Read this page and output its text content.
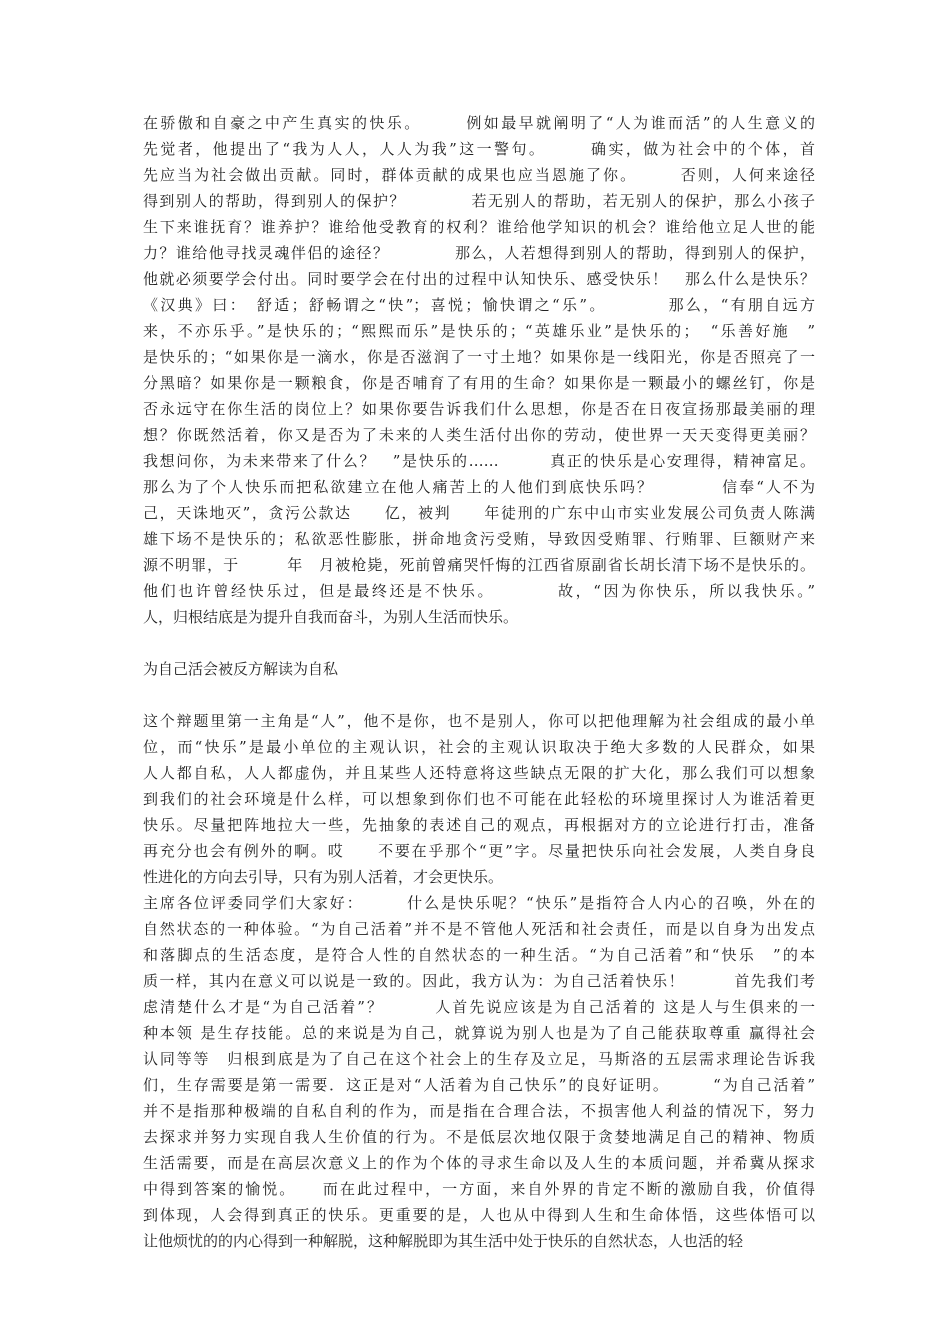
在骄傲和自豪之中产生真实的快乐。　　　例如最早就阐明了“人为谁而活”的人生意义的
先觉者，他提出了“我为人人，人人为我”这一警句。　　　确实，做为社会中的个体，首
先应当为社会做出贡献。同时，群体贡献的成果也应当恩施了你。　　　否则，人何来途径
得到别人的帮助，得到别人的保护？　　　　若无别人的帮助，若无别人的保护，那么小孩子
生下来谁抚育？谁养护？谁给他受教育的权利？谁给他学知识的机会？谁给他立足人世的能
力？谁给他寻找灵魂伴侣的途径？　　　　那么，人若想得到别人的帮助，得到别人的保护，
他就必须要学会付出。同时要学会在付出的过程中认知快乐、感受快乐！　那么什么是快乐？
《汉典》曰：　舒适；舒畅谓之“快”；喜悦；愉快谓之“乐”。　　　　那么，“有朋自远方
来，不亦乐乎。”是快乐的；“熙熙而乐”是快乐的；“英雄乐业”是快乐的；　“乐善好施　”
是快乐的；“如果你是一滴水，你是否滋润了一寸土地？如果你是一线阳光，你是否照亮了一
分黑暗？如果你是一颗粮食，你是否哺育了有用的生命？如果你是一颗最小的螺丝钉，你是
否永远守在你生活的岗位上？如果你要告诉我们什么思想，你是否在日夜宣扬那最美丽的理
想？你既然活着，你又是否为了未来的人类生活付出你的劳动，使世界一天天变得更美丽？
我想问你，为未来带来了什么？　”是快乐的……　　　真正的快乐是心安理得，精神富足。
那么为了个人快乐而把私欲建立在他人痛苦上的人他们到底快乐吗？　　　　信奉“人不为
己，天诛地灭”，贪污公款达　　亿，被判　　年徒刑的广东中山市实业发展公司负责人陈满
雄下场不是快乐的；私欲恶性膨胀，拼命地贪污受贿，导致因受贿罪、行贿罪、巨额财产来
源不明罪，于　　　年　月被枪毙，死前曾痛哭忏悔的江西省原副省长胡长清下场不是快乐的。
他们也许曾经快乐过，但是最终还是不快乐。　　　　故，“因为你快乐，所以我快乐。”
人，归根结底是为提升自我而奋斗，为别人生活而快乐。
为自己活会被反方解读为自私
这个辩题里第一主角是“人”，他不是你，也不是别人，你可以把他理解为社会组成的最小单
位，而“快乐”是最小单位的主观认识，社会的主观认识取决于绝大多数的人民群众，如果
人人都自私，人人都虚伪，并且某些人还特意将这些缺点无限的扩大化，那么我们可以想象
到我们的社会环境是什么样，可以想象到你们也不可能在此轻松的环境里探讨人为谁活着更
快乐。尽量把阵地拉大一些，先抽象的表述自己的观点，再根据对方的立论进行打击，准备
再充分也会有例外的啊。哎　　不要在乎那个“更”字。尽量把快乐向社会发展，人类自身良
性进化的方向去引导，只有为别人活着，才会更快乐。
主席各位评委同学们大家好：　　　什么是快乐呢？“快乐”是指符合人内心的召唤，外在的
自然状态的一种体验。“为自己活着”并不是不管他人死活和社会责任，而是以自身为出发点
和落脚点的生活态度，是符合人性的自然状态的一种生活。“为自己活着”和“快乐　”的本
质一样，其内在意义可以说是一致的。因此，我方认为：为自己活着快乐！　　　首先我们考
虑清楚什么才是“为自己活着”？　　　人首先说应该是为自己活着的 这是人与生俱来的一
种本领 是生存技能。总的来说是为自己，就算说为别人也是为了自己能获取尊重 赢得社会
认同等等　归根到底是为了自己在这个社会上的生存及立足，马斯洛的五层需求理论告诉我
们，生存需要是第一需要．这正是对“人活着为自己快乐”的良好证明。　　　“为自己活着”
并不是指那种极端的自私自利的作为，而是指在合理合法，不损害他人利益的情况下，努力
去探求并努力实现自我人生价值的行为。不是低层次地仅限于贪婪地满足自己的精神、物质
生活需要，而是在高层次意义上的作为个体的寻求生命以及人生的本质问题，并希冀从探求
中得到答案的愉悦。　　而在此过程中，一方面，来自外界的肯定不断的激励自我，价值得
到体现，人会得到真正的快乐。更重要的是，人也从中得到人生和生命体悟，这些体悟可以
让他烦忧的的内心得到一种解脱，这种解脱即为其生活中处于快乐的自然状态，人也活的轻
